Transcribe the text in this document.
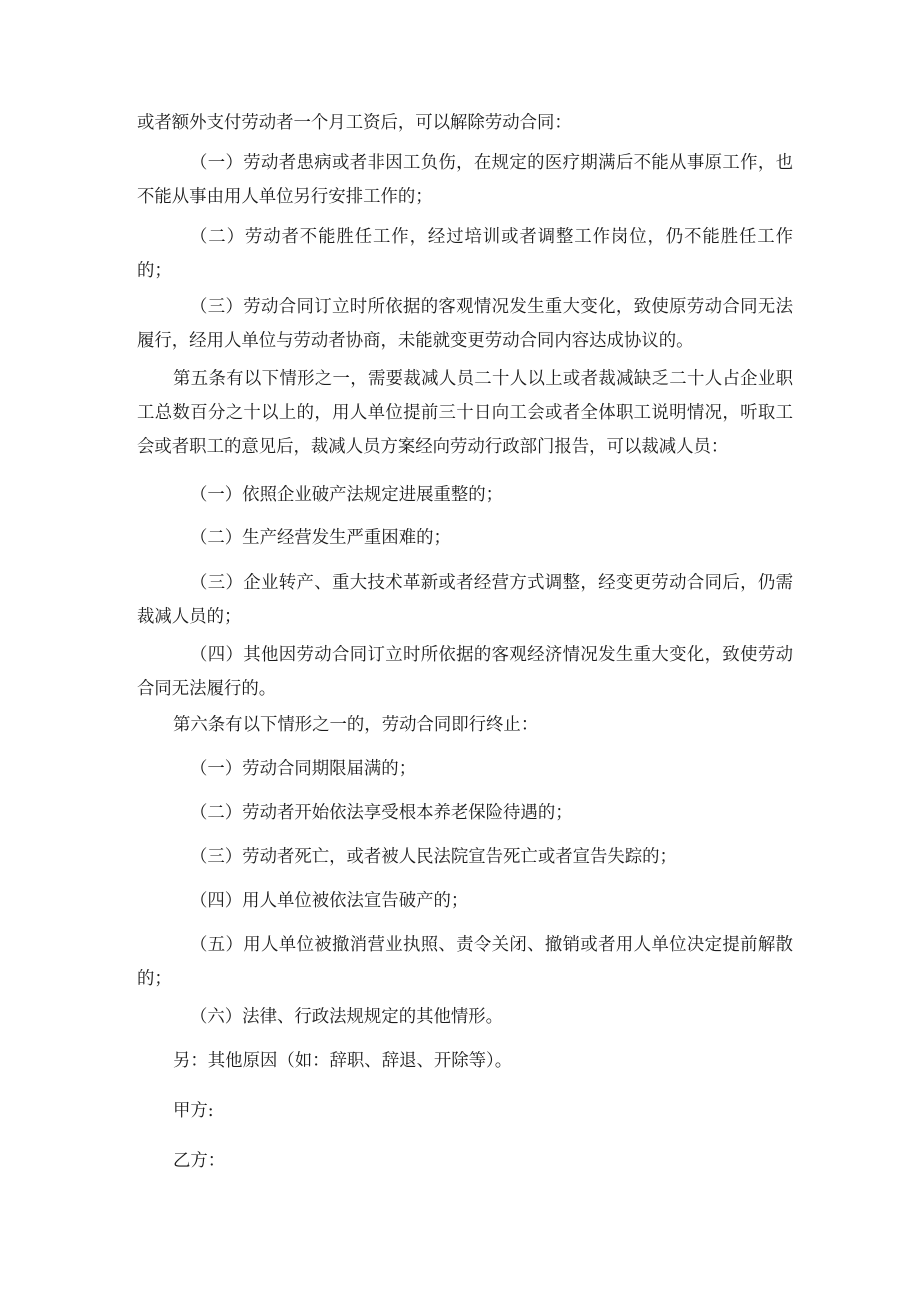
或者额外支付劳动者一个月工资后，可以解除劳动合同：

（一）劳动者患病或者非因工负伤，在规定的医疗期满后不能从事原工作，也不能从事由用人单位另行安排工作的；

（二）劳动者不能胜任工作，经过培训或者调整工作岗位，仍不能胜任工作的；

（三）劳动合同订立时所依据的客观情况发生重大变化，致使原劳动合同无法履行，经用人单位与劳动者协商，未能就变更劳动合同内容达成协议的。

第五条有以下情形之一，需要裁减人员二十人以上或者裁减缺乏二十人占企业职工总数百分之十以上的，用人单位提前三十日向工会或者全体职工说明情况，听取工会或者职工的意见后，裁减人员方案经向劳动行政部门报告，可以裁减人员：

（一）依照企业破产法规定进展重整的；

（二）生产经营发生严重困难的；

（三）企业转产、重大技术革新或者经营方式调整，经变更劳动合同后，仍需裁减人员的；

（四）其他因劳动合同订立时所依据的客观经济情况发生重大变化，致使劳动合同无法履行的。

第六条有以下情形之一的，劳动合同即行终止：

（一）劳动合同期限届满的；

（二）劳动者开始依法享受根本养老保险待遇的；

（三）劳动者死亡，或者被人民法院宣告死亡或者宣告失踪的；

（四）用人单位被依法宣告破产的；

（五）用人单位被撤消营业执照、责令关闭、撤销或者用人单位决定提前解散的；

（六）法律、行政法规规定的其他情形。

另：其他原因（如：辞职、辞退、开除等）。

甲方:

乙方：
